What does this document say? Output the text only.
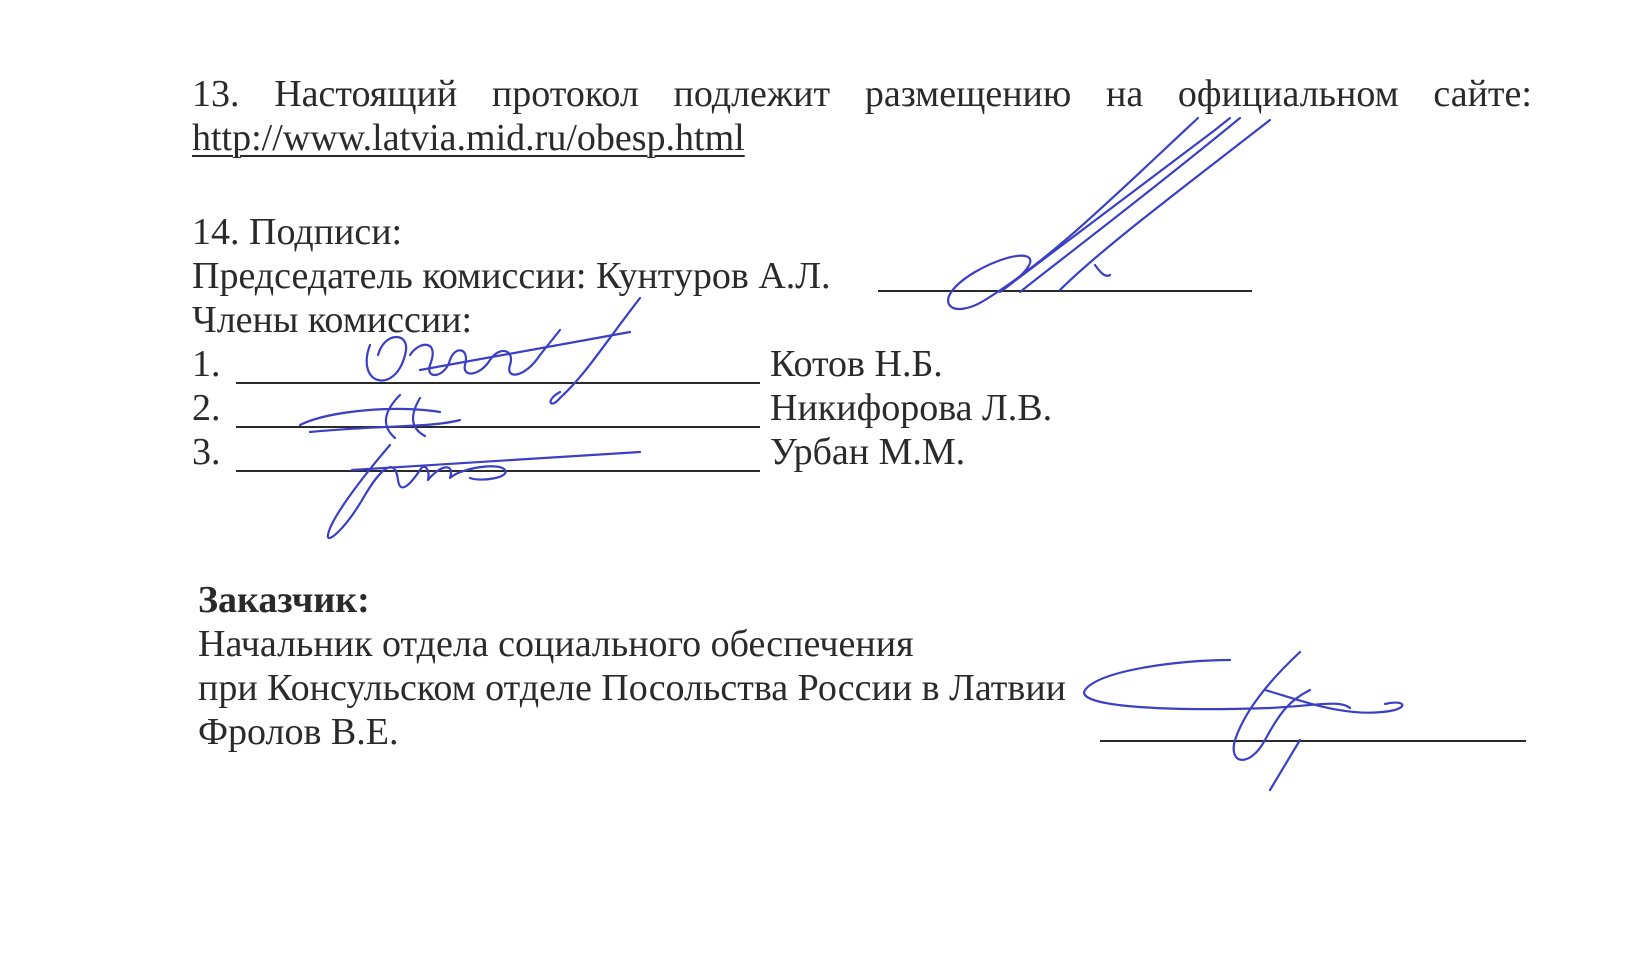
13. Настоящий протокол подлежит размещению на официальном сайте:
http://www.latvia.mid.ru/obesp.html
14. Подписи:
Председатель комиссии: Кунтуров А.Л.
Члены комиссии:
1.	Котов Н.Б.
2.	Никифорова Л.В.
3.	Урбан М.М.
Заказчик:
Начальник отдела социального обеспечения
при Консульском отделе Посольства России в Латвии
Фролов В.Е.
